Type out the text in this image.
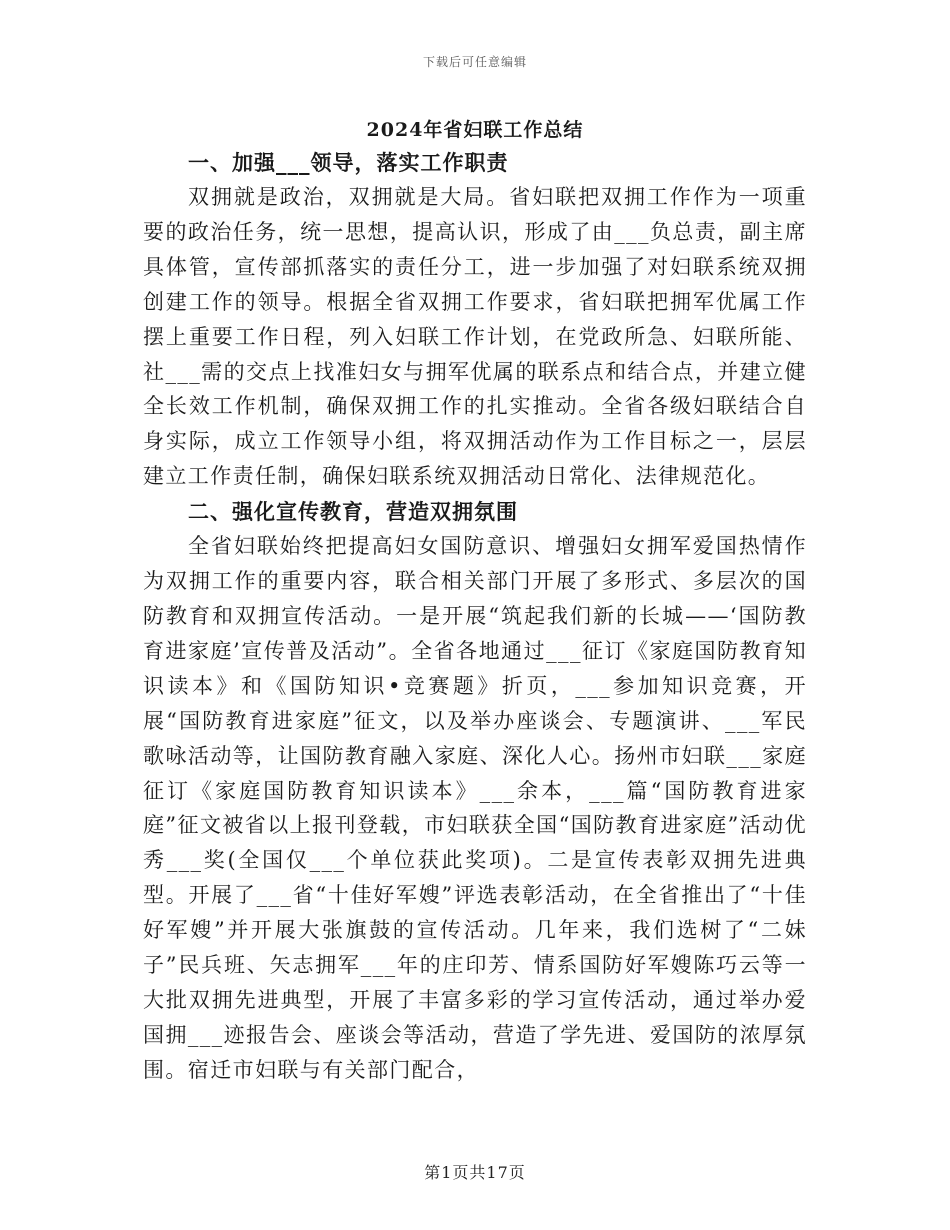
下载后可任意编辑
2024年省妇联工作总结

一、加强___领导，落实工作职责

双拥就是政治，双拥就是大局。省妇联把双拥工作作为一项重要的政治任务，统一思想，提高认识，形成了由___负总责，副主席具体管，宣传部抓落实的责任分工，进一步加强了对妇联系统双拥创建工作的领导。根据全省双拥工作要求，省妇联把拥军优属工作摆上重要工作日程，列入妇联工作计划，在党政所急、妇联所能、社___需的交点上找准妇女与拥军优属的联系点和结合点，并建立健全长效工作机制，确保双拥工作的扎实推动。全省各级妇联结合自身实际，成立工作领导小组，将双拥活动作为工作目标之一，层层建立工作责任制，确保妇联系统双拥活动日常化、法律规范化。

二、强化宣传教育，营造双拥氛围

全省妇联始终把提高妇女国防意识、增强妇女拥军爱国热情作为双拥工作的重要内容，联合相关部门开展了多形式、多层次的国防教育和双拥宣传活动。一是开展“筑起我们新的长城——‘国防教育进家庭’宣传普及活动”。全省各地通过___征订《家庭国防教育知识读本》和《国防知识•竞赛题》折页，___参加知识竞赛，开展“国防教育进家庭”征文，以及举办座谈会、专题演讲、___军民歌咏活动等，让国防教育融入家庭、深化人心。扬州市妇联___家庭征订《家庭国防教育知识读本》___余本，___篇“国防教育进家庭”征文被省以上报刊登载，市妇联获全国“国防教育进家庭”活动优秀___奖(全国仅___个单位获此奖项)。二是宣传表彰双拥先进典型。开展了___省“十佳好军嫂”评选表彰活动，在全省推出了“十佳好军嫂”并开展大张旗鼓的宣传活动。几年来，我们选树了“二妹子”民兵班、矢志拥军___年的庄印芳、情系国防好军嫂陈巧云等一大批双拥先进典型，开展了丰富多彩的学习宣传活动，通过举办爱国拥___迹报告会、座谈会等活动，营造了学先进、爱国防的浓厚氛围。宿迁市妇联与有关部门配合，

第1页共17页
